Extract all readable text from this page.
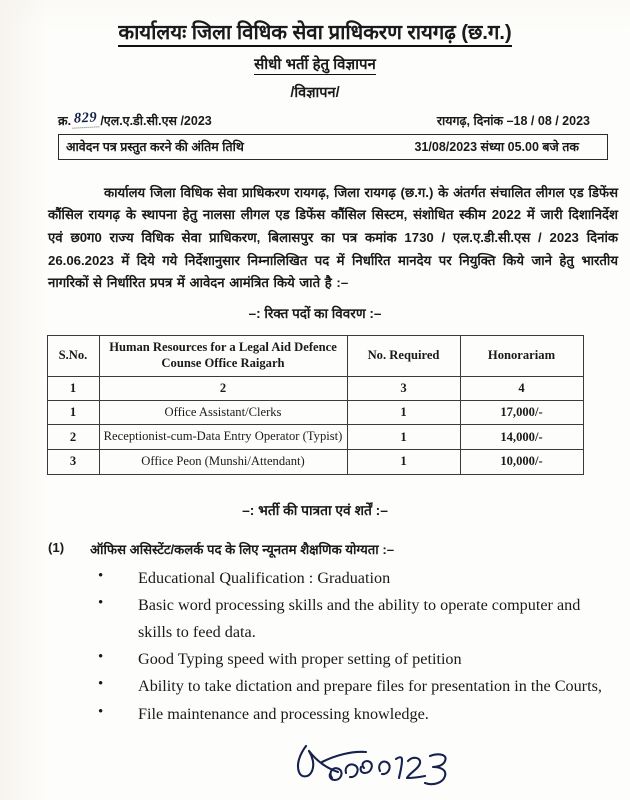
कार्यालयः जिला विधिक सेवा प्राधिकरण रायगढ़ (छ.ग.)
सीधी भर्ती हेतु विज्ञापन
/विज्ञापन/
क्र. 829 /एल.ए.डी.सी.एस /2023	रायगढ़, दिनांक –18 / 08 / 2023
आवेदन पत्र प्रस्तुत करने की अंतिम तिथि	31/08/2023 संध्या 05.00 बजे तक
कार्यालय जिला विधिक सेवा प्राधिकरण रायगढ़, जिला रायगढ़ (छ.ग.) के अंतर्गत संचालित लीगल एड डिफेंस कौंसिल रायगढ़ के स्थापना हेतु नालसा लीगल एड डिफेंस कौंसिल सिस्टम, संशोधित स्कीम 2022 में जारी दिशानिर्देश एवं छ0ग0 राज्य विधिक सेवा प्राधिकरण, बिलासपुर का पत्र कमांक 1730 / एल.ए.डी.सी.एस / 2023 दिनांक 26.06.2023 में दिये गये निर्देशानुसार निम्नालिखित पद में निर्धारित मानदेय पर नियुक्ति किये जाने हेतु भारतीय नागरिकों से निर्धारित प्रपत्र में आवेदन आमंत्रित किये जाते है :–
–: रिक्त पदों का विवरण :–
S.No.	Human Resources for a Legal Aid Defence Counse Office Raigarh	No. Required	Honorariam
1	2	3	4
1	Office Assistant/Clerks	1	17,000/-
2	Receptionist-cum-Data Entry Operator (Typist)	1	14,000/-
3	Office Peon (Munshi/Attendant)	1	10,000/-
–: भर्ती की पात्रता एवं शर्तें :–
(1)	ऑफिस असिस्टेंट/कलर्क पद के लिए न्यूनतम शैक्षणिक योग्यता :–
• Educational Qualification : Graduation
• Basic word processing skills and the ability to operate computer and skills to feed data.
• Good Typing speed with proper setting of petition
• Ability to take dictation and prepare files for presentation in the Courts,
• File maintenance and processing knowledge.
